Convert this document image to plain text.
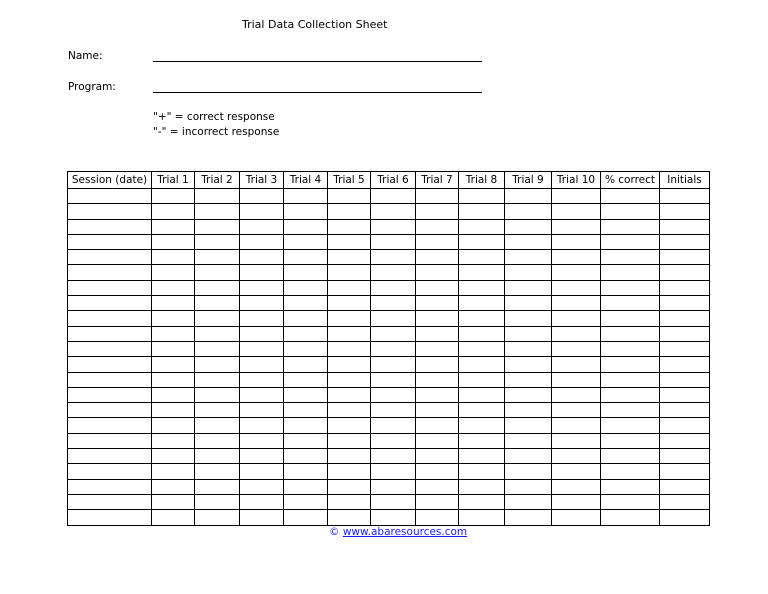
Trial Data Collection Sheet
Name:
Program:
"+" = correct response
"-" = incorrect response
Session (date)	Trial 1	Trial 2	Trial 3	Trial 4	Trial 5	Trial 6	Trial 7	Trial 8	Trial 9	Trial 10	% correct	Initials

© www.abaresources.com
